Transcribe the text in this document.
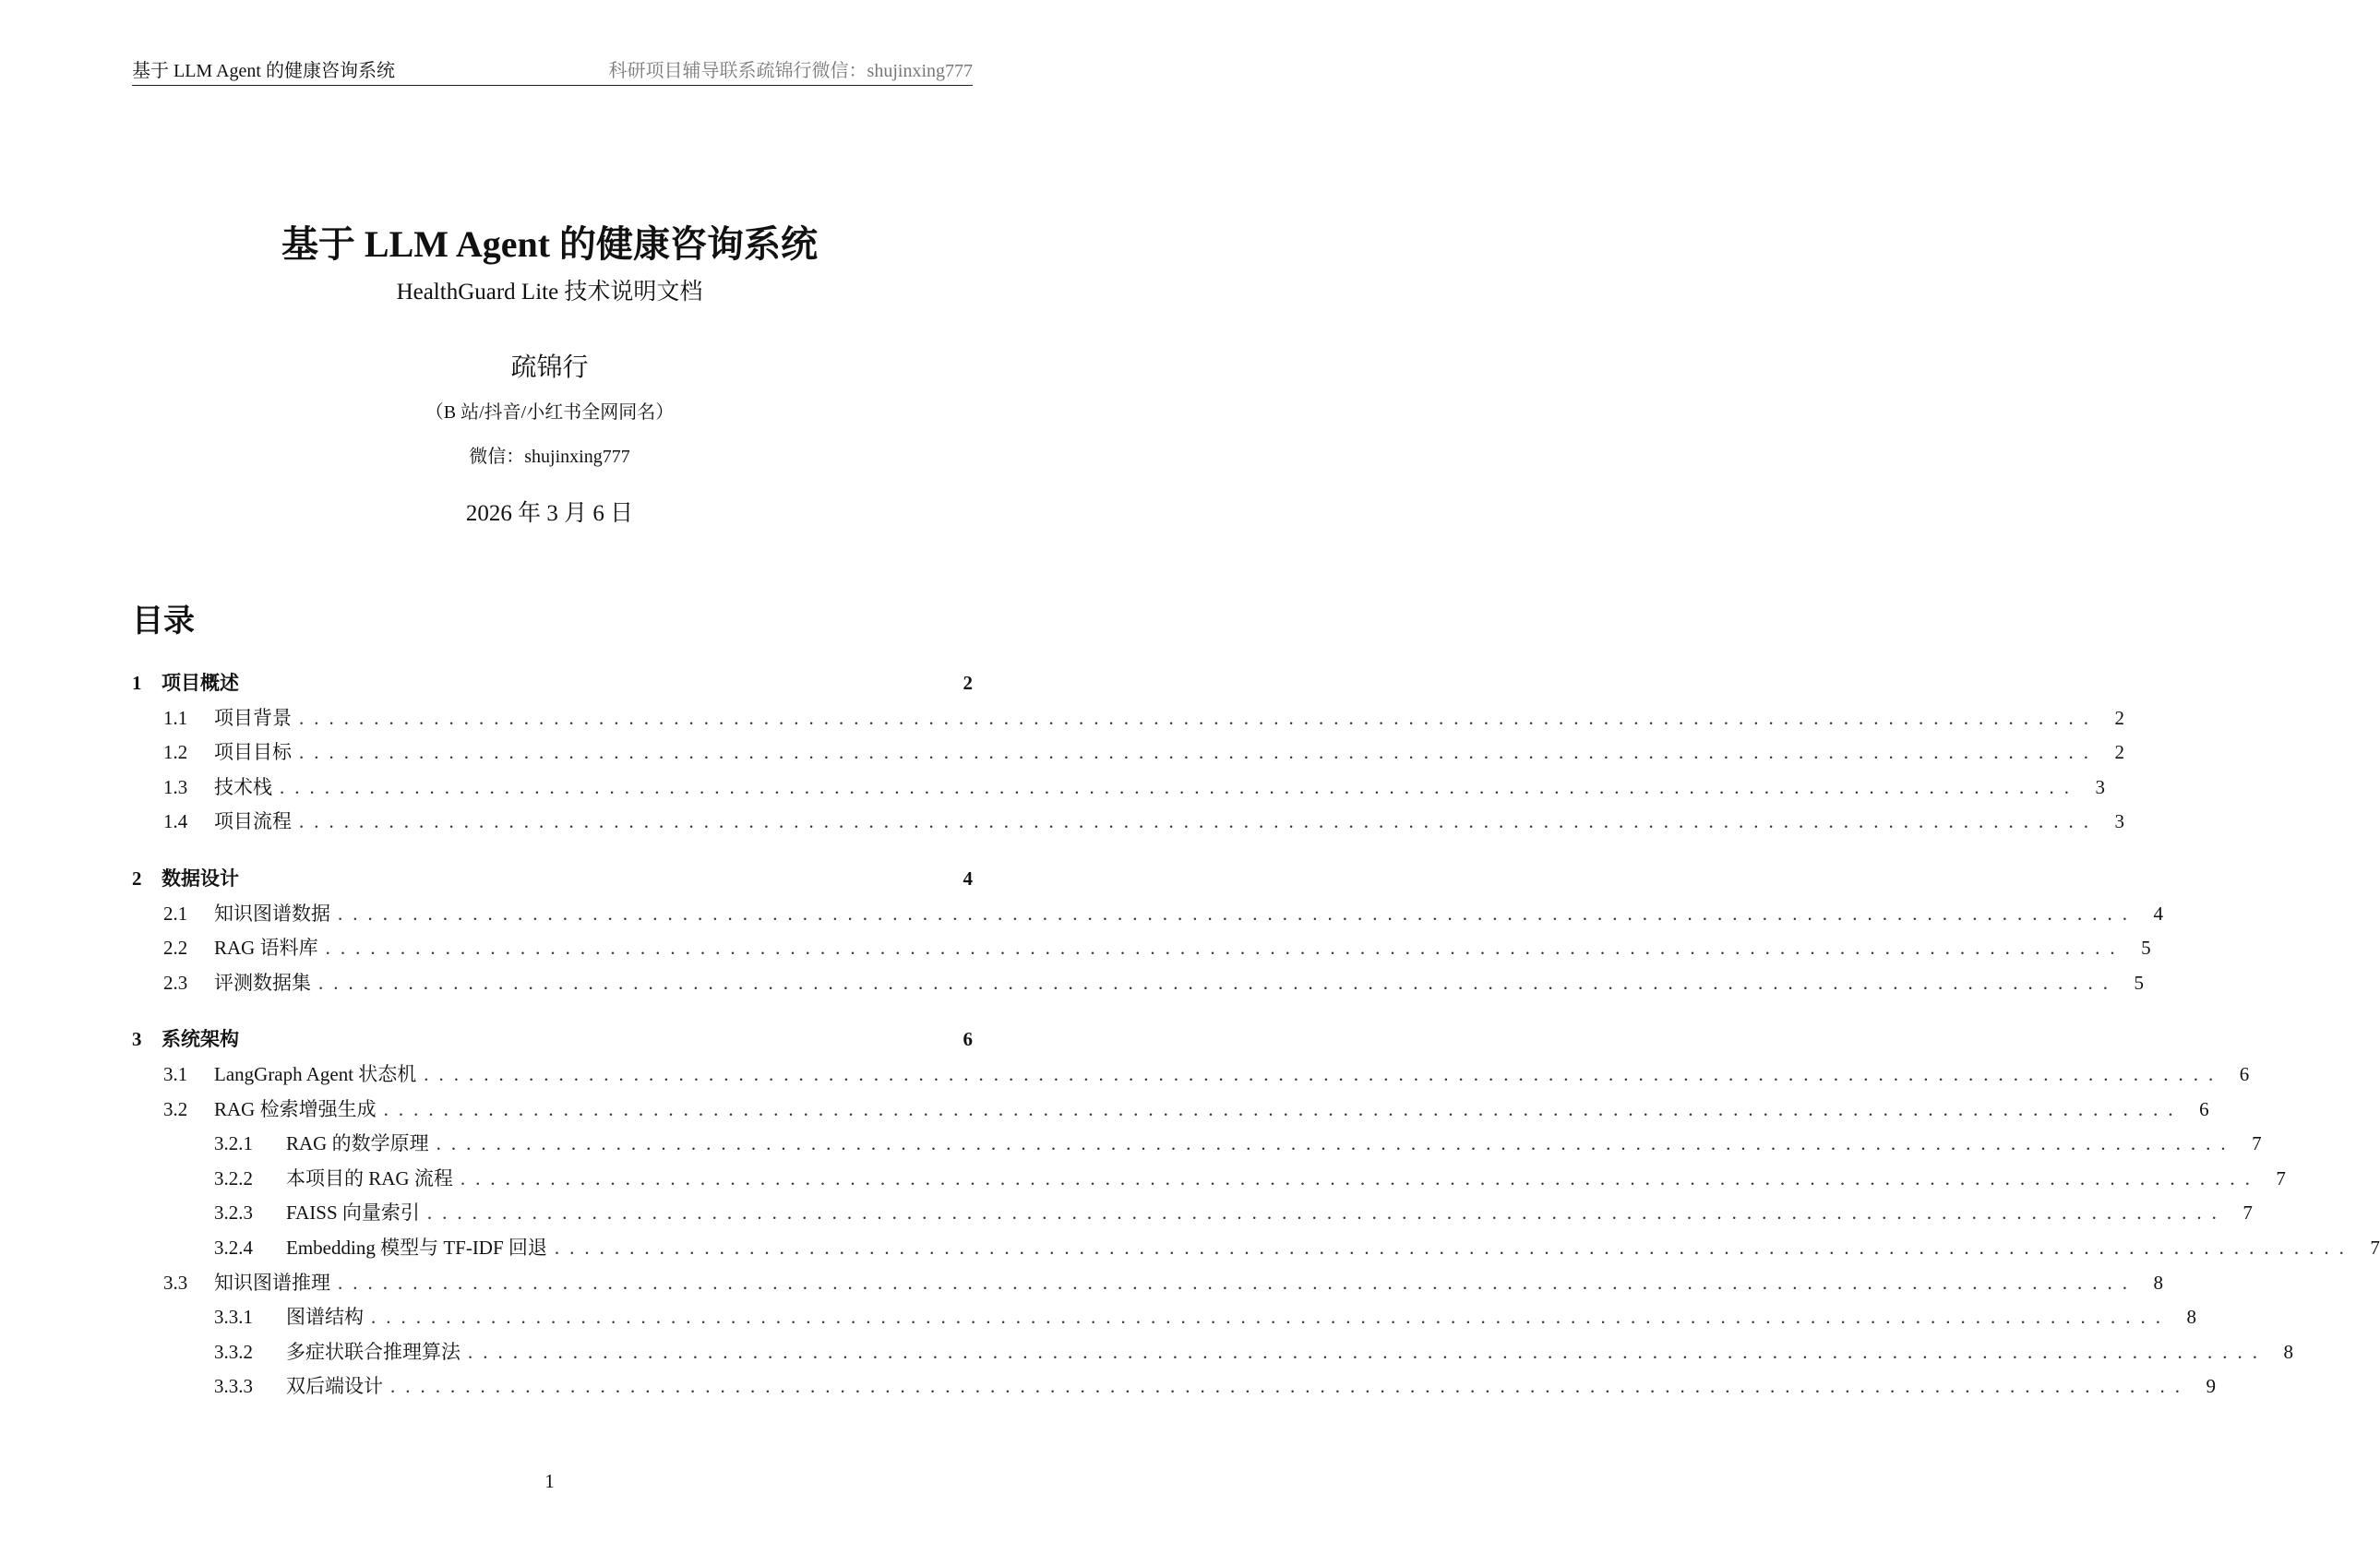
基于 LLM Agent 的健康咨询系统	科研项目辅导联系疏锦行微信：shujinxing777
基于 LLM Agent 的健康咨询系统
HealthGuard Lite 技术说明文档
疏锦行
（B 站/抖音/小红书全网同名）
微信：shujinxing777
2026 年 3 月 6 日
目录
1	项目概述	2
1.1	项目背景 ........................................................................................................................ 2
1.2	项目目标 ........................................................................................................................ 2
1.3	技术栈 ........................................................................................................................ 3
1.4	项目流程 ........................................................................................................................ 3
2	数据设计	4
2.1	知识图谱数据 ........................................................................................................................ 4
2.2	RAG 语料库 ........................................................................................................................ 5
2.3	评测数据集 ........................................................................................................................ 5
3	系统架构	6
3.1	LangGraph Agent 状态机 ........................................................................................................................ 6
3.2	RAG 检索增强生成 ........................................................................................................................ 6
3.2.1	RAG 的数学原理 ........................................................................................................................ 7
3.2.2	本项目的 RAG 流程 ........................................................................................................................ 7
3.2.3	FAISS 向量索引 ........................................................................................................................ 7
3.2.4	Embedding 模型与 TF-IDF 回退 ........................................................................................................................ 7
3.3	知识图谱推理 ........................................................................................................................ 8
3.3.1	图谱结构 ........................................................................................................................ 8
3.3.2	多症状联合推理算法 ........................................................................................................................ 8
3.3.3	双后端设计 ........................................................................................................................ 9
1
